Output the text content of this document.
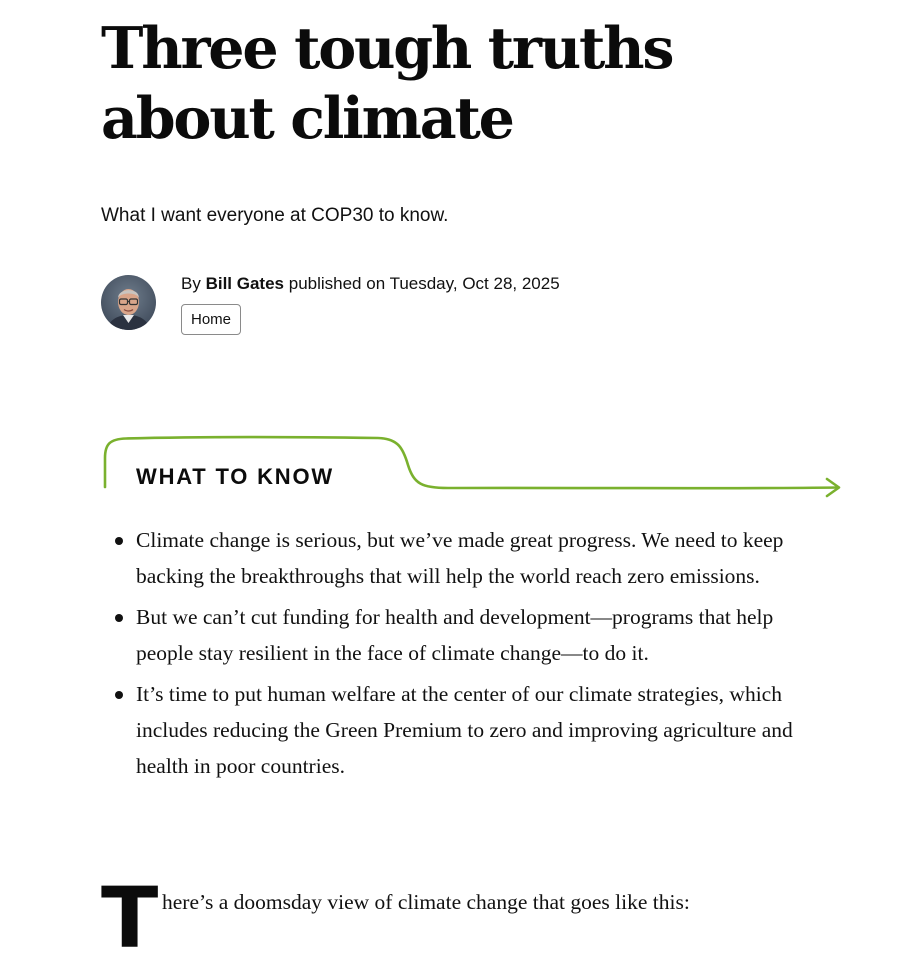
Three tough truths
about climate

What I want everyone at COP30 to know.

By Bill Gates published on Tuesday, Oct 28, 2025
Home
WHAT TO KNOW
Climate change is serious, but we’ve made great progress. We need to keep backing the breakthroughs that will help the world reach zero emissions.
But we can’t cut funding for health and development—programs that help people stay resilient in the face of climate change—to do it.
It’s time to put human welfare at the center of our climate strategies, which includes reducing the Green Premium to zero and improving agriculture and health in poor countries.
T here’s a doomsday view of climate change that goes like this:
